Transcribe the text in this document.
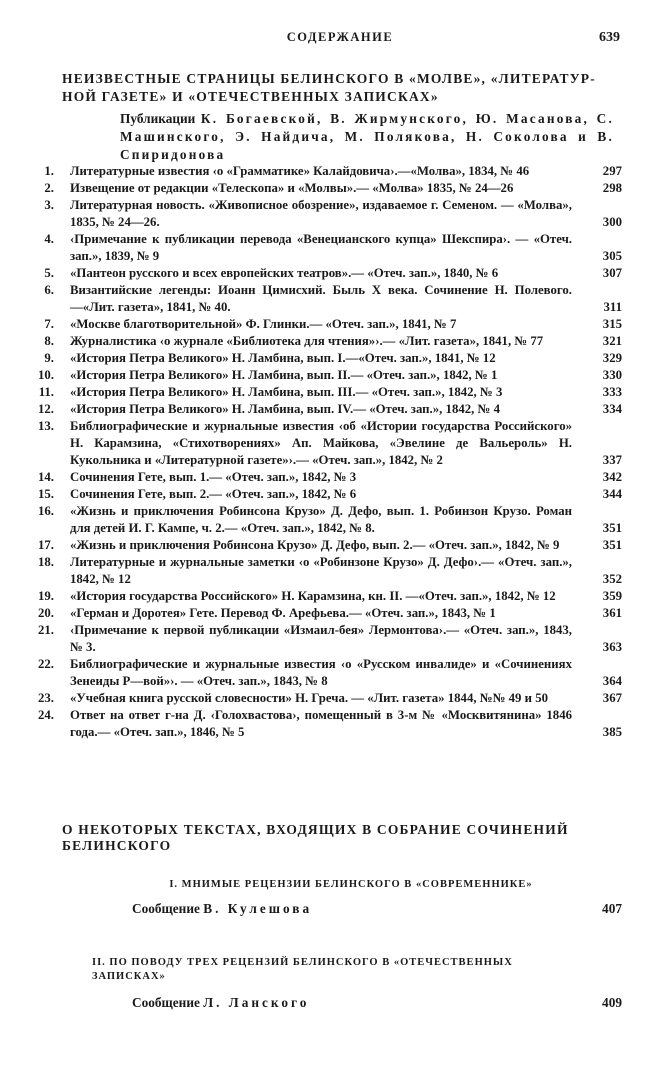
СОДЕРЖАНИЕ	639
НЕИЗВЕСТНЫЕ СТРАНИЦЫ БЕЛИНСКОГО В «МОЛВЕ», «ЛИТЕРАТУР-
НОЙ ГАЗЕТЕ» И «ОТЕЧЕСТВЕННЫХ ЗАПИСКАХ»
Публикации К. Богаевской, В. Жирмунского, Ю. Масанова, С. Машинского, Э. Найдича, М. Полякова, Н. Соколова и В. Спиридонова
1. Литературные известия ‹о «Грамматике» Калайдовича›.—«Молва», 1834, № 46	297
2. Извещение от редакции «Телескопа» и «Молвы».— «Молва» 1835, № 24—26	298
3. Литературная новость. «Живописное обозрение», издаваемое г. Семеном. — «Молва», 1835, № 24—26.	300
4. ‹Примечание к публикации перевода «Венецианского купца» Шекспира›. — «Отеч. зап.», 1839, № 9	305
5. «Пантеон русского и всех европейских театров».— «Отеч. зап.», 1840, № 6	307
6. Византийские легенды: Иоанн Цимисхий. Быль X века. Сочинение Н. Полевого.—«Лит. газета», 1841, № 40.	311
7. «Москве благотворительной» Ф. Глинки.— «Отеч. зап.», 1841, № 7	315
8. Журналистика ‹о журнале «Библиотека для чтения»›.— «Лит. газета», 1841, № 77	321
9. «История Петра Великого» Н. Ламбина, вып. I.—«Отеч. зап.», 1841, № 12	329
10. «История Петра Великого» Н. Ламбина, вып. II.— «Отеч. зап.», 1842, № 1	330
11. «История Петра Великого» Н. Ламбина, вып. III.— «Отеч. зап.», 1842, № 3	333
12. «История Петра Великого» Н. Ламбина, вып. IV.— «Отеч. зап.», 1842, № 4	334
13. Библиографические и журнальные известия ‹об «Истории государства Российского» Н. Карамзина, «Стихотворениях» Ап. Майкова, «Эвелине де Вальероль» Н. Кукольника и «Литературной газете»›.— «Отеч. зап.», 1842, № 2	337
14. Сочинения Гете, вып. 1.— «Отеч. зап.», 1842, № 3	342
15. Сочинения Гете, вып. 2.— «Отеч. зап.», 1842, № 6	344
16. «Жизнь и приключения Робинсона Крузо» Д. Дефо, вып. 1. Робинзон Крузо. Роман для детей И. Г. Кампе, ч. 2.— «Отеч. зап.», 1842, № 8.	351
17. «Жизнь и приключения Робинсона Крузо» Д. Дефо, вып. 2.— «Отеч. зап.», 1842, № 9	351
18. Литературные и журнальные заметки ‹о «Робинзоне Крузо» Д. Дефо›.— «Отеч. зап.», 1842, № 12	352
19. «История государства Российского» Н. Карамзина, кн. II. —«Отеч. зап.», 1842, № 12	359
20. «Герман и Доротея» Гете. Перевод Ф. Арефьева.— «Отеч. зап.», 1843, № 1	361
21. ‹Примечание к первой публикации «Измаил-бея» Лермонтова›.— «Отеч. зап.», 1843, № 3.	363
22. Библиографические и журнальные известия ‹о «Русском инвалиде» и «Сочинениях Зенеиды Р—вой»›. — «Отеч. зап.», 1843, № 8	364
23. «Учебная книга русской словесности» Н. Греча. — «Лит. газета» 1844, №№ 49 и 50	367
24. Ответ на ответ г-на Д. ‹Голохвастова›, помещенный в 3-м № «Москвитянина» 1846 года.— «Отеч. зап.», 1846, № 5	385
О НЕКОТОРЫХ ТЕКСТАХ, ВХОДЯЩИХ В СОБРАНИЕ СОЧИНЕНИЙ
БЕЛИНСКОГО
I. МНИМЫЕ РЕЦЕНЗИИ БЕЛИНСКОГО В «СОВРЕМЕННИКЕ»
Сообщение В. Кулешова	407
II. ПО ПОВОДУ ТРЕХ РЕЦЕНЗИЙ БЕЛИНСКОГО В «ОТЕЧЕСТВЕННЫХ
ЗАПИСКАХ»
Сообщение Л. Ланского	409
